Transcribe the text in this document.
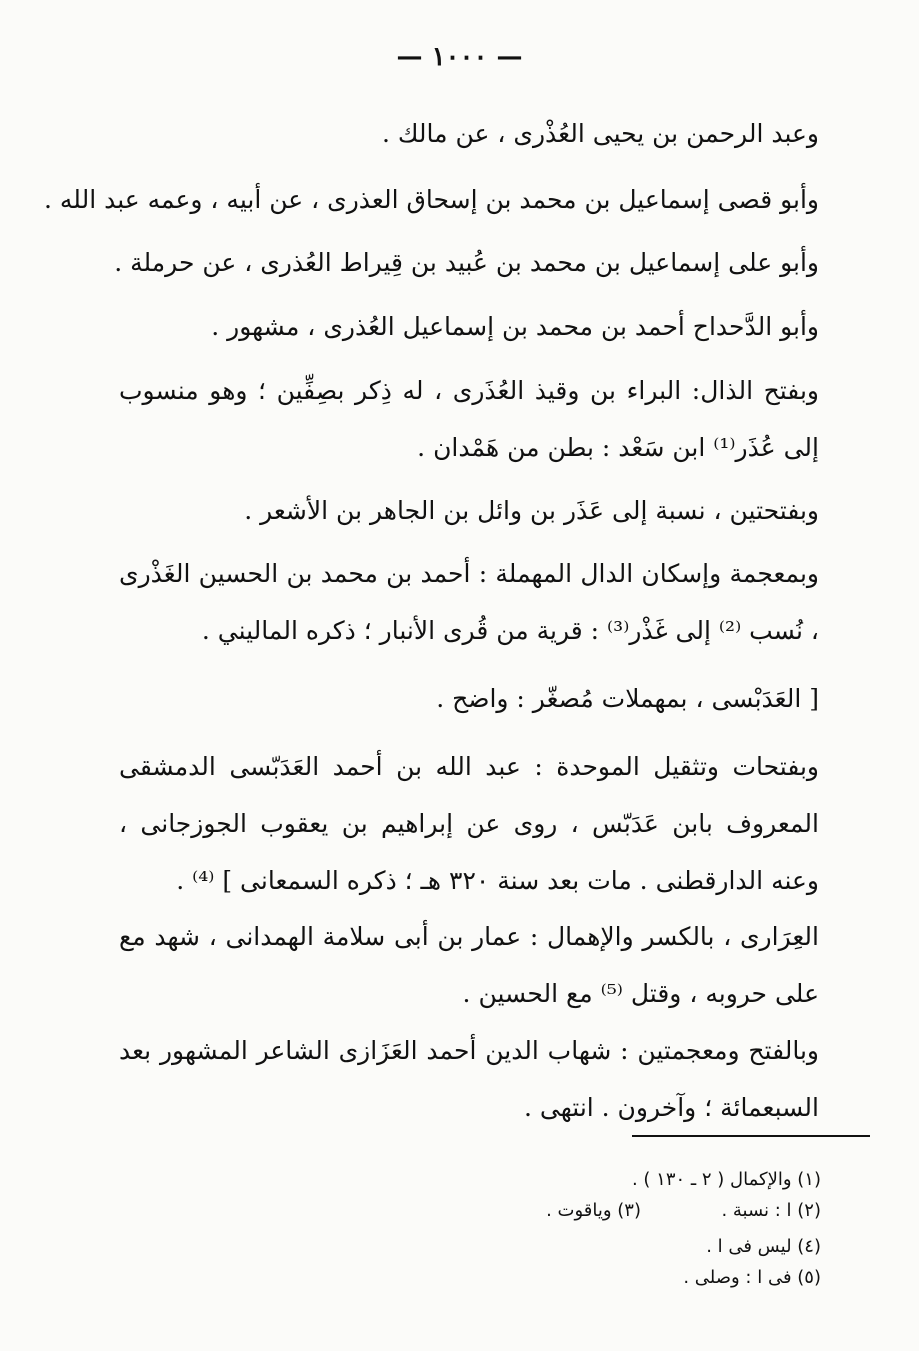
— ١٠٠٠ —
وعبد الرحمن بن يحيى العُذْرى ، عن مالك .
وأبو قصى إسماعيل بن محمد بن إسحاق العذرى ، عن أبيه ، وعمه عبد الله .
وأبو على إسماعيل بن محمد بن عُبيد بن قِيراط العُذرى ، عن حرملة .
وأبو الدَّحداح أحمد بن محمد بن إسماعيل العُذرى ، مشهور .
وبفتح الذال: البراء بن وقيذ العُذَرى ، له ذِكر بصِفِّين ؛ وهو منسوب إلى عُذَر⁽¹⁾ ابن سَعْد : بطن من هَمْدان .
وبفتحتين ، نسبة إلى عَذَر بن وائل بن الجاهر بن الأشعر .
وبمعجمة وإسكان الدال المهملة : أحمد بن محمد بن الحسين الغَذْرى ، نُسب ⁽²⁾ إلى غَذْر⁽³⁾ : قرية من قُرى الأنبار ؛ ذكره الماليني .
[ العَدَبْسى ، بمهملات مُصغّر : واضح .
وبفتحات وتثقيل الموحدة : عبد الله بن أحمد العَدَبّسى الدمشقى المعروف بابن عَدَبّس ، روى عن إبراهيم بن يعقوب الجوزجانى ، وعنه الدارقطنى . مات بعد سنة ٣٢٠ هـ ؛ ذكره السمعانى ] ⁽⁴⁾ .
العِرَارى ، بالكسر والإهمال : عمار بن أبى سلامة الهمدانى ، شهد مع على حروبه ، وقتل ⁽⁵⁾ مع الحسين .
وبالفتح ومعجمتين : شهاب الدين أحمد العَزَازى الشاعر المشهور بعد السبعمائة ؛ وآخرون . انتهى .
(١) والإكمال ( ٢ ـ ١٣٠ ) .
(٢) ا : نسبة .
(٣) وياقوت .
(٤) ليس فى ا .
(٥) فى ا : وصلى .
